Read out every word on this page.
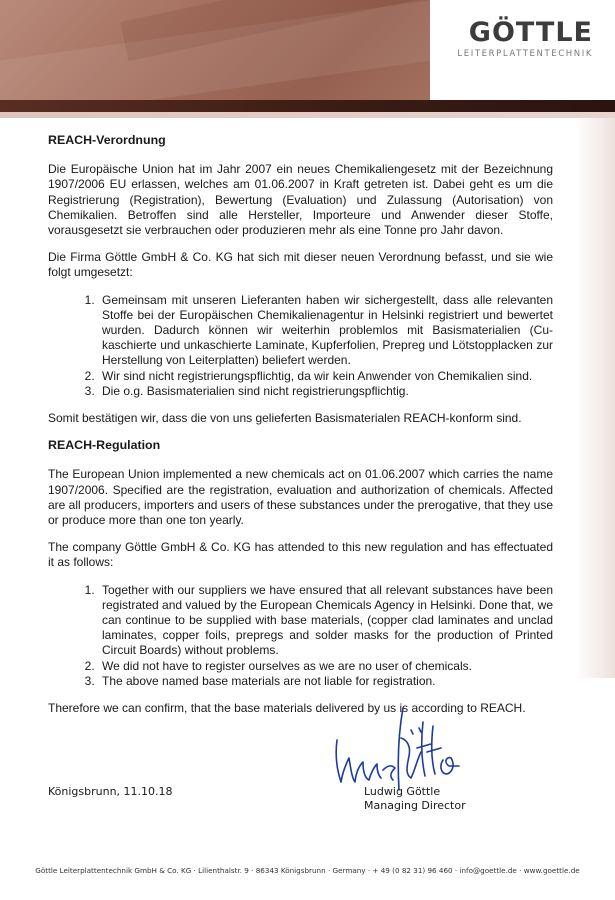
GÖTTLE
LEITERPLATTENTECHNIK
REACH-Verordnung

Die Europäische Union hat im Jahr 2007 ein neues Chemikaliengesetz mit der Bezeichnung 1907/2006 EU erlassen, welches am 01.06.2007 in Kraft getreten ist. Dabei geht es um die Registrierung (Registration), Bewertung (Evaluation) und Zulassung (Autorisation) von Chemikalien. Betroffen sind alle Hersteller, Importeure und Anwender dieser Stoffe, vorausgesetzt sie verbrauchen oder produzieren mehr als eine Tonne pro Jahr davon.

Die Firma Göttle GmbH & Co. KG hat sich mit dieser neuen Verordnung befasst, und sie wie folgt umgesetzt:

1. Gemeinsam mit unseren Lieferanten haben wir sichergestellt, dass alle relevanten Stoffe bei der Europäischen Chemikalienagentur in Helsinki registriert und bewertet wurden. Dadurch können wir weiterhin problemlos mit Basismaterialien (Cu-kaschierte und unkaschierte Laminate, Kupferfolien, Prepreg und Lötstopplacken zur Herstellung von Leiterplatten) beliefert werden.
2. Wir sind nicht registrierungspflichtig, da wir kein Anwender von Chemikalien sind.
3. Die o.g. Basismaterialien sind nicht registrierungspflichtig.

Somit bestätigen wir, dass die von uns gelieferten Basismaterialen REACH-konform sind.

REACH-Regulation

The European Union implemented a new chemicals act on 01.06.2007 which carries the name 1907/2006. Specified are the registration, evaluation and authorization of chemicals. Affected are all producers, importers and users of these substances under the prerogative, that they use or produce more than one ton yearly.

The company Göttle GmbH & Co. KG has attended to this new regulation and has effectuated it as follows:

1. Together with our suppliers we have ensured that all relevant substances have been registrated and valued by the European Chemicals Agency in Helsinki. Done that, we can continue to be supplied with base materials, (copper clad laminates and unclad laminates, copper foils, prepregs and solder masks for the production of Printed Circuit Boards) without problems.
2. We did not have to register ourselves as we are no user of chemicals.
3. The above named base materials are not liable for registration.

Therefore we can confirm, that the base materials delivered by us is according to REACH.

Königsbrunn, 11.10.18	Ludwig Göttle
Managing Director
Göttle Leiterplattentechnik GmbH & Co. KG · Lilienthalstr. 9 · 86343 Königsbrunn · Germany · + 49 (0 82 31) 96 460 · info@goettle.de · www.goettle.de
